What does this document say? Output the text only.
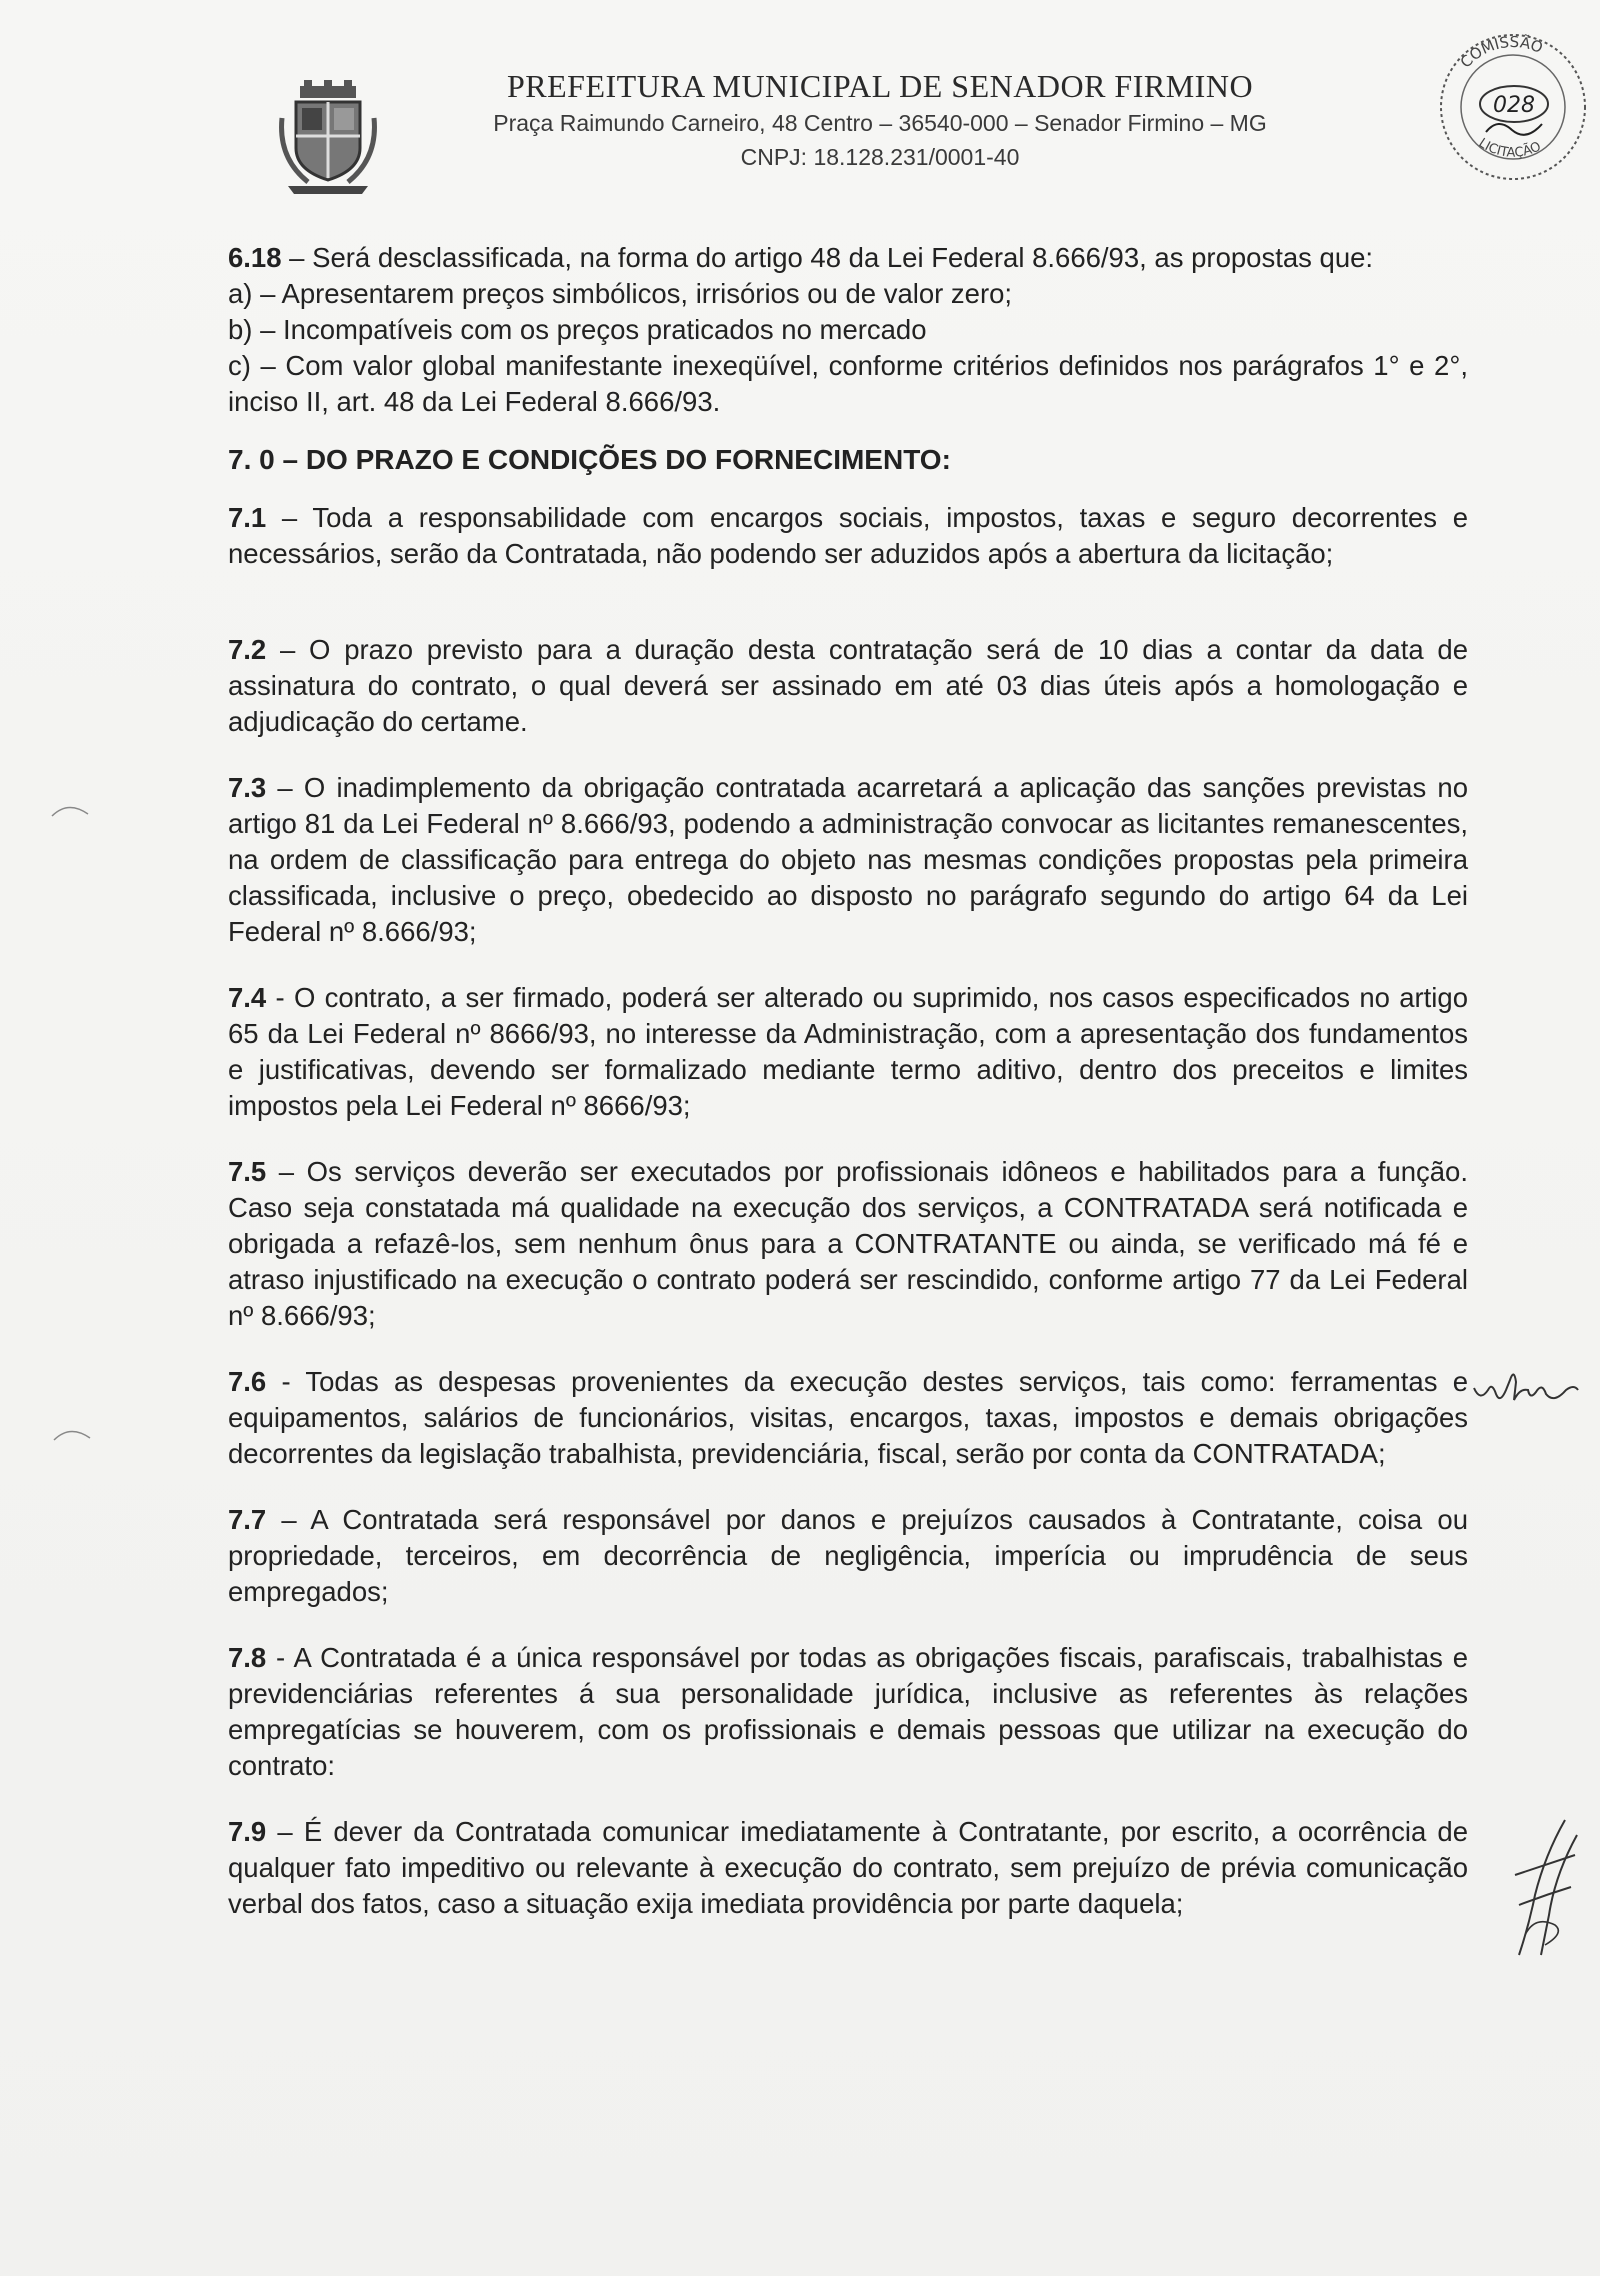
PREFEITURA MUNICIPAL DE SENADOR FIRMINO

Praça Raimundo Carneiro, 48 Centro – 36540-000 – Senador Firmino – MG

CNPJ: 18.128.231/0001-40

COMISSÃO
LICITAÇÃO
028

6.18 – Será desclassificada, na forma do artigo 48 da Lei Federal 8.666/93, as propostas que:

a) – Apresentarem preços simbólicos, irrisórios ou de valor zero;

b) – Incompatíveis com os preços praticados no mercado

c) – Com valor global manifestante inexeqüível, conforme critérios definidos nos parágrafos 1° e 2°, inciso II, art. 48 da Lei Federal 8.666/93.

7. 0 – DO PRAZO E CONDIÇÕES DO FORNECIMENTO:

7.1 – Toda a responsabilidade com encargos sociais, impostos, taxas e seguro decorrentes e necessários, serão da Contratada, não podendo ser aduzidos após a abertura da licitação;

7.2 – O prazo previsto para a duração desta contratação será de 10 dias a contar da data de assinatura do contrato, o qual deverá ser assinado em até 03 dias úteis após a homologação e adjudicação do certame.

7.3 – O inadimplemento da obrigação contratada acarretará a aplicação das sanções previstas no artigo 81 da Lei Federal nº 8.666/93, podendo a administração convocar as licitantes remanescentes, na ordem de classificação para entrega do objeto nas mesmas condições propostas pela primeira classificada, inclusive o preço, obedecido ao disposto no parágrafo segundo do artigo 64 da Lei Federal nº 8.666/93;

7.4 - O contrato, a ser firmado, poderá ser alterado ou suprimido, nos casos especificados no artigo 65 da Lei Federal nº 8666/93, no interesse da Administração, com a apresentação dos fundamentos e justificativas, devendo ser formalizado mediante termo aditivo, dentro dos preceitos e limites impostos pela Lei Federal nº 8666/93;

7.5 – Os serviços deverão ser executados por profissionais idôneos e habilitados para a função. Caso seja constatada má qualidade na execução dos serviços, a CONTRATADA será notificada e obrigada a refazê-los, sem nenhum ônus para a CONTRATANTE ou ainda, se verificado má fé e atraso injustificado na execução o contrato poderá ser rescindido, conforme artigo 77 da Lei Federal nº 8.666/93;

7.6 - Todas as despesas provenientes da execução destes serviços, tais como: ferramentas e equipamentos, salários de funcionários, visitas, encargos, taxas, impostos e demais obrigações decorrentes da legislação trabalhista, previdenciária, fiscal, serão por conta da CONTRATADA;

7.7 – A Contratada será responsável por danos e prejuízos causados à Contratante, coisa ou propriedade, terceiros, em decorrência de negligência, imperícia ou imprudência de seus empregados;

7.8 - A Contratada é a única responsável por todas as obrigações fiscais, parafiscais, trabalhistas e previdenciárias referentes á sua personalidade jurídica, inclusive as referentes às relações empregatícias se houverem, com os profissionais e demais pessoas que utilizar na execução do contrato:

7.9 – É dever da Contratada comunicar imediatamente à Contratante, por escrito, a ocorrência de qualquer fato impeditivo ou relevante à execução do contrato, sem prejuízo de prévia comunicação verbal dos fatos, caso a situação exija imediata providência por parte daquela;
